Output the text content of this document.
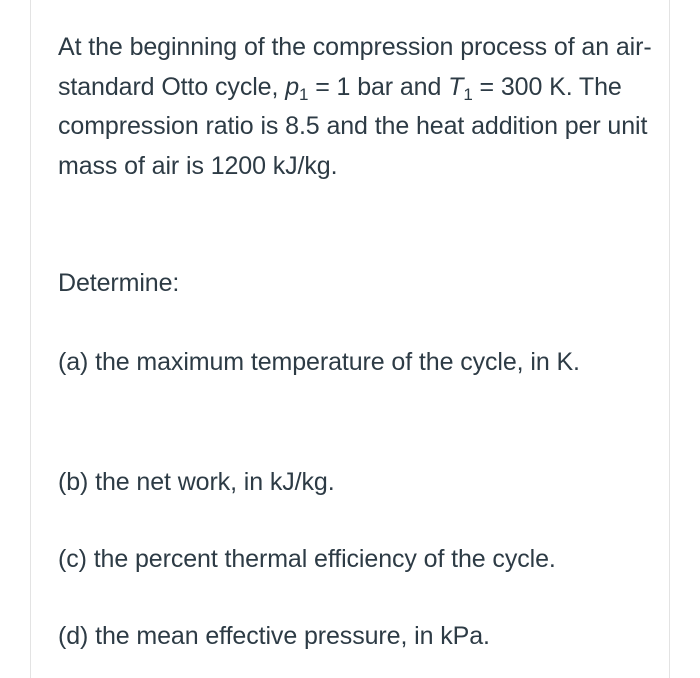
At the beginning of the compression process of an air-standard Otto cycle, $p_1 = 1$ bar and $T_1 = 300$ K. The compression ratio is 8.5 and the heat addition per unit mass of air is 1200 kJ/kg.

Determine:

(a) the maximum temperature of the cycle, in K.

(b) the net work, in kJ/kg.

(c) the percent thermal efficiency of the cycle.

(d) the mean effective pressure, in kPa.
